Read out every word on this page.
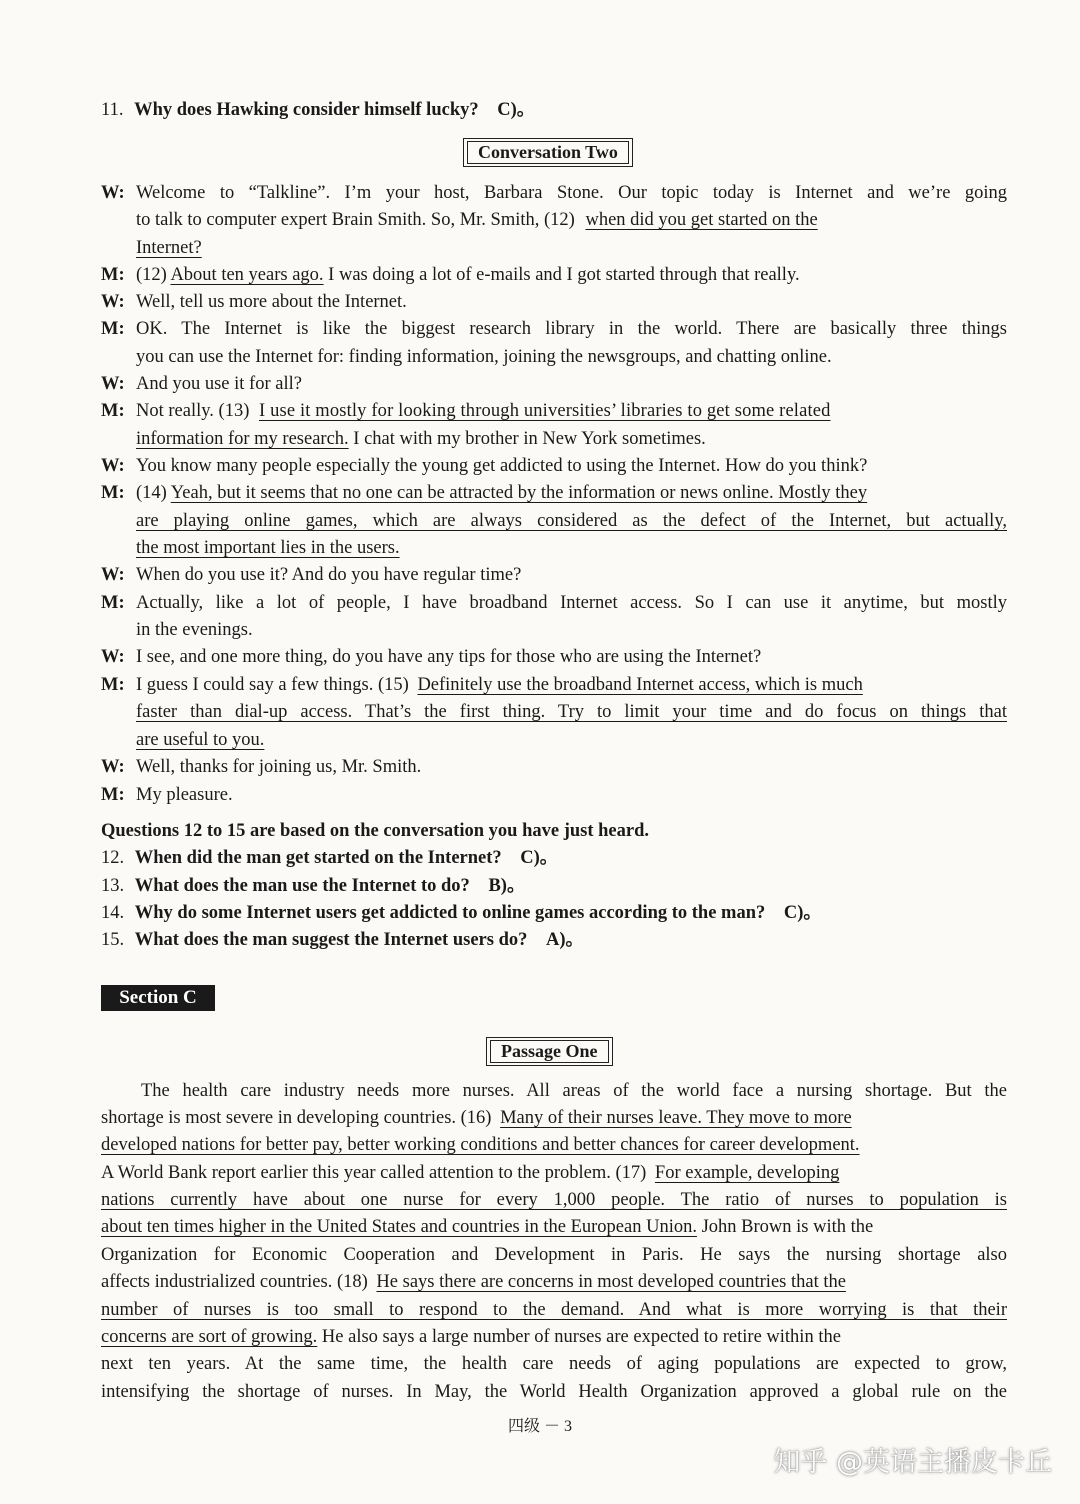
11. Why does Hawking consider himself lucky? C)。
Conversation Two
W: Welcome to “Talkline”. I’m your host, Barbara Stone. Our topic today is Internet and we’re going
to talk to computer expert Brain Smith. So, Mr. Smith, (12) when did you get started on the
Internet?
M: (12) About ten years ago. I was doing a lot of e-mails and I got started through that really.
W: Well, tell us more about the Internet.
M: OK. The Internet is like the biggest research library in the world. There are basically three things
you can use the Internet for: finding information, joining the newsgroups, and chatting online.
W: And you use it for all?
M: Not really. (13) I use it mostly for looking through universities’ libraries to get some related
information for my research. I chat with my brother in New York sometimes.
W: You know many people especially the young get addicted to using the Internet. How do you think?
M: (14) Yeah, but it seems that no one can be attracted by the information or news online. Mostly they
are playing online games, which are always considered as the defect of the Internet, but actually,
the most important lies in the users.
W: When do you use it? And do you have regular time?
M: Actually, like a lot of people, I have broadband Internet access. So I can use it anytime, but mostly
in the evenings.
W: I see, and one more thing, do you have any tips for those who are using the Internet?
M: I guess I could say a few things. (15) Definitely use the broadband Internet access, which is much
faster than dial-up access. That’s the first thing. Try to limit your time and do focus on things that
are useful to you.
W: Well, thanks for joining us, Mr. Smith.
M: My pleasure.
Questions 12 to 15 are based on the conversation you have just heard.
12. When did the man get started on the Internet? C)。
13. What does the man use the Internet to do? B)。
14. Why do some Internet users get addicted to online games according to the man? C)。
15. What does the man suggest the Internet users do? A)。
Section C
Passage One
The health care industry needs more nurses. All areas of the world face a nursing shortage. But the
shortage is most severe in developing countries. (16) Many of their nurses leave. They move to more
developed nations for better pay, better working conditions and better chances for career development.
A World Bank report earlier this year called attention to the problem. (17) For example, developing
nations currently have about one nurse for every 1,000 people. The ratio of nurses to population is
about ten times higher in the United States and countries in the European Union. John Brown is with the
Organization for Economic Cooperation and Development in Paris. He says the nursing shortage also
affects industrialized countries. (18) He says there are concerns in most developed countries that the
number of nurses is too small to respond to the demand. And what is more worrying is that their
concerns are sort of growing. He also says a large number of nurses are expected to retire within the
next ten years. At the same time, the health care needs of aging populations are expected to grow,
intensifying the shortage of nurses. In May, the World Health Organization approved a global rule on the
四级 － 3
知乎 @英语主播皮卡丘
